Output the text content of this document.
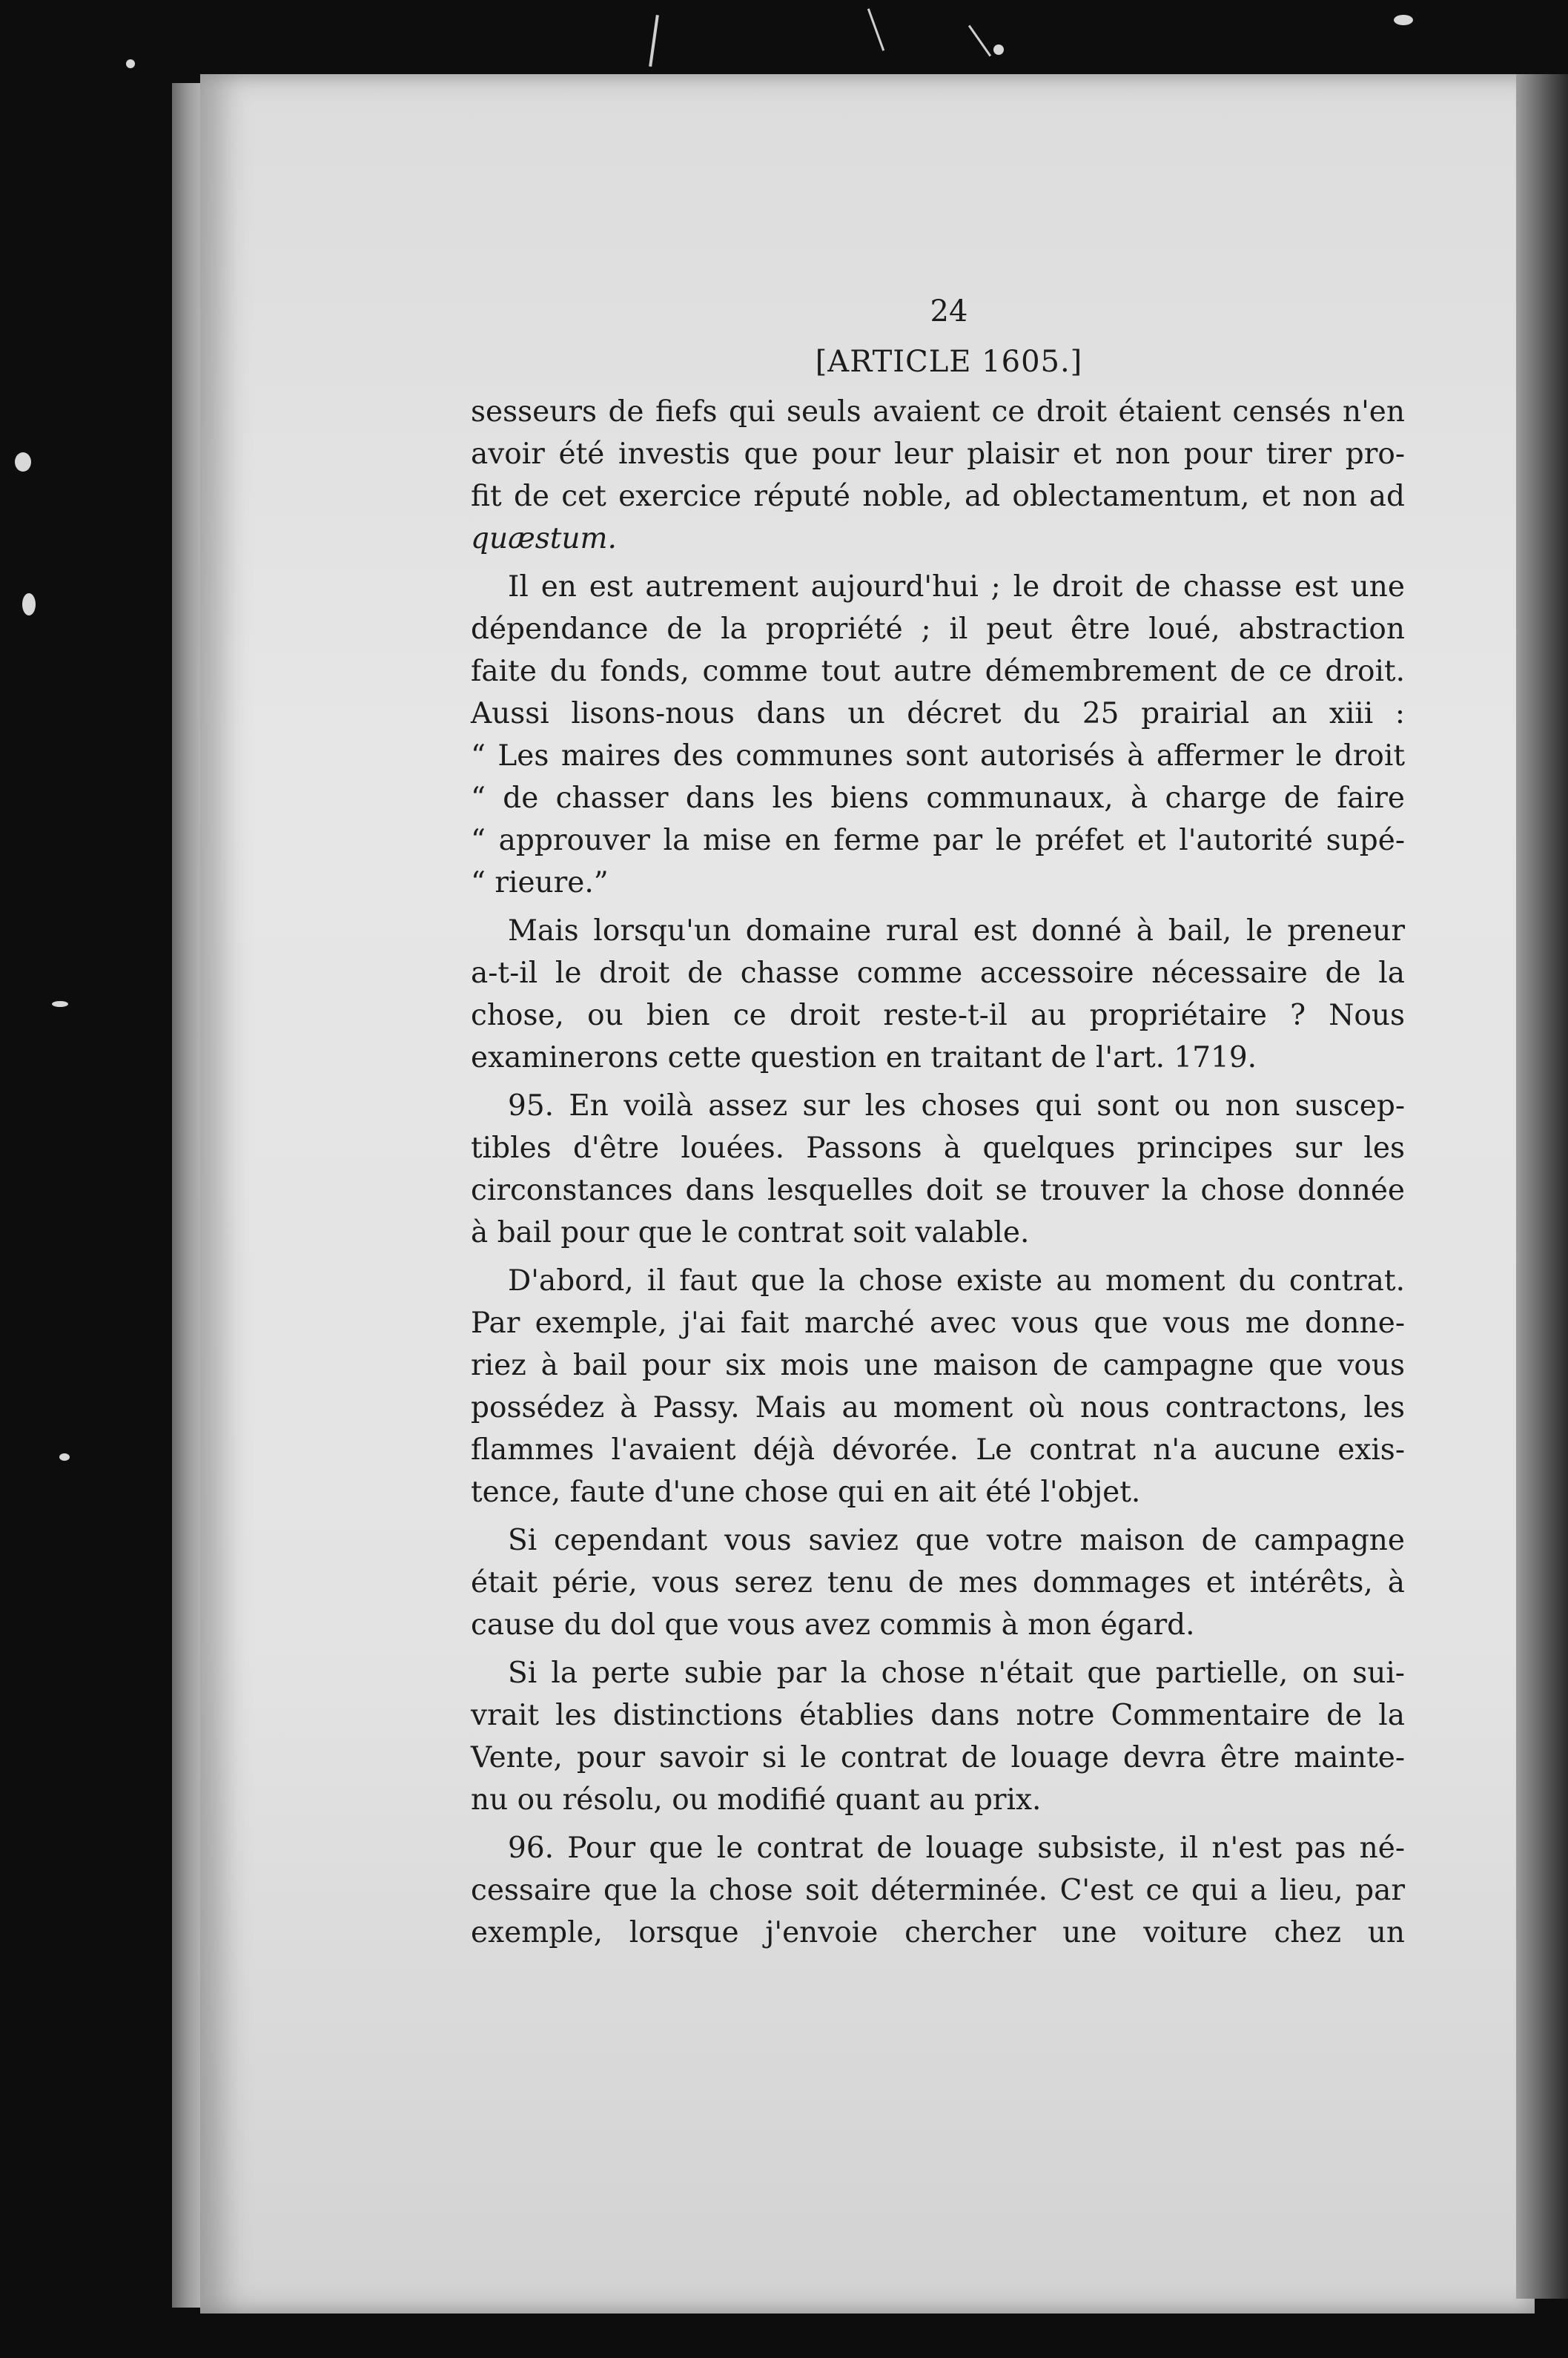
24
[ARTICLE 1605.]
sesseurs de fiefs qui seuls avaient ce droit étaient censés n'en
avoir été investis que pour leur plaisir et non pour tirer pro-
fit de cet exercice réputé noble, ad oblectamentum, et non ad
quæstum.
Il en est autrement aujourd'hui ; le droit de chasse est une
dépendance de la propriété ; il peut être loué, abstraction
faite du fonds, comme tout autre démembrement de ce droit.
Aussi lisons-nous dans un décret du 25 prairial an xiii :
“ Les maires des communes sont autorisés à affermer le droit
“ de chasser dans les biens communaux, à charge de faire
“ approuver la mise en ferme par le préfet et l'autorité supé-
“ rieure.”
Mais lorsqu'un domaine rural est donné à bail, le preneur
a-t-il le droit de chasse comme accessoire nécessaire de la
chose, ou bien ce droit reste-t-il au propriétaire ? Nous
examinerons cette question en traitant de l'art. 1719.
95. En voilà assez sur les choses qui sont ou non suscep-
tibles d'être louées. Passons à quelques principes sur les
circonstances dans lesquelles doit se trouver la chose donnée
à bail pour que le contrat soit valable.
D'abord, il faut que la chose existe au moment du contrat.
Par exemple, j'ai fait marché avec vous que vous me donne-
riez à bail pour six mois une maison de campagne que vous
possédez à Passy. Mais au moment où nous contractons, les
flammes l'avaient déjà dévorée. Le contrat n'a aucune exis-
tence, faute d'une chose qui en ait été l'objet.
Si cependant vous saviez que votre maison de campagne
était périe, vous serez tenu de mes dommages et intérêts, à
cause du dol que vous avez commis à mon égard.
Si la perte subie par la chose n'était que partielle, on sui-
vrait les distinctions établies dans notre Commentaire de la
Vente, pour savoir si le contrat de louage devra être mainte-
nu ou résolu, ou modifié quant au prix.
96. Pour que le contrat de louage subsiste, il n'est pas né-
cessaire que la chose soit déterminée. C'est ce qui a lieu, par
exemple, lorsque j'envoie chercher une voiture chez un
